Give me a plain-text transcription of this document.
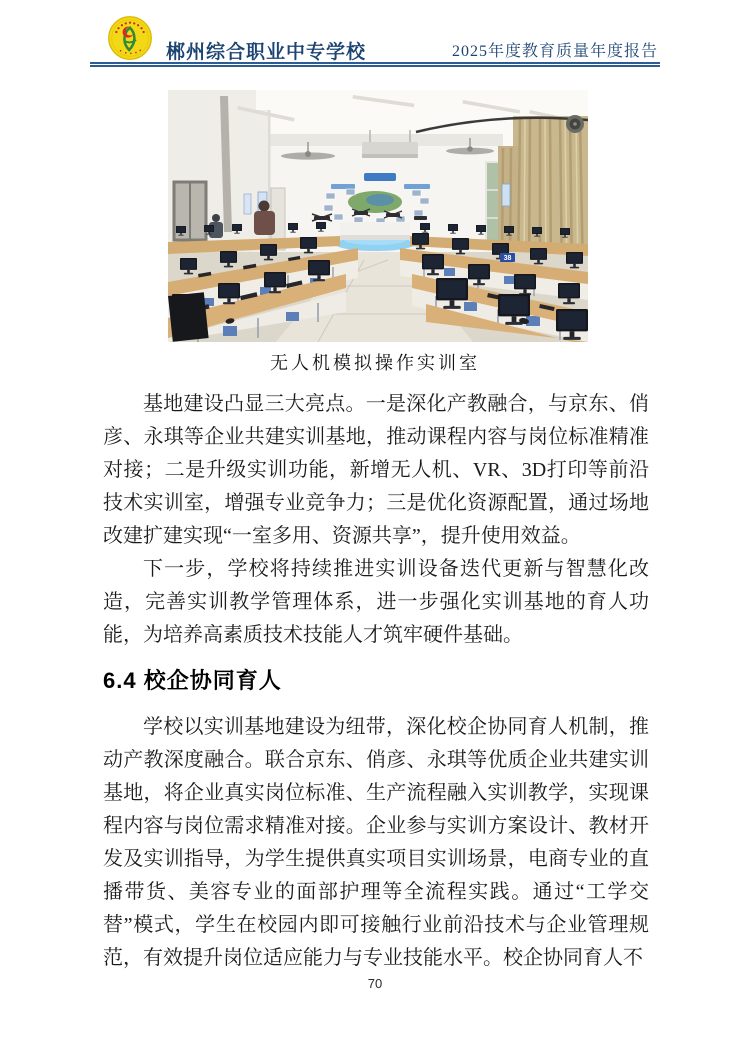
郴州综合职业中专学校	2025年度教育质量年度报告
38
无人机模拟操作实训室

基地建设凸显三大亮点。一是深化产教融合，与京东、俏彦、永琪等企业共建实训基地，推动课程内容与岗位标准精准对接；二是升级实训功能，新增无人机、VR、3D打印等前沿技术实训室，增强专业竞争力；三是优化资源配置，通过场地改建扩建实现“一室多用、资源共享”，提升使用效益。

下一步，学校将持续推进实训设备迭代更新与智慧化改造，完善实训教学管理体系，进一步强化实训基地的育人功能，为培养高素质技术技能人才筑牢硬件基础。

6.4 校企协同育人

学校以实训基地建设为纽带，深化校企协同育人机制，推动产教深度融合。联合京东、俏彦、永琪等优质企业共建实训基地，将企业真实岗位标准、生产流程融入实训教学，实现课程内容与岗位需求精准对接。企业参与实训方案设计、教材开发及实训指导，为学生提供真实项目实训场景，电商专业的直播带货、美容专业的面部护理等全流程实践。通过“工学交替”模式，学生在校园内即可接触行业前沿技术与企业管理规范，有效提升岗位适应能力与专业技能水平。校企协同育人不

70
